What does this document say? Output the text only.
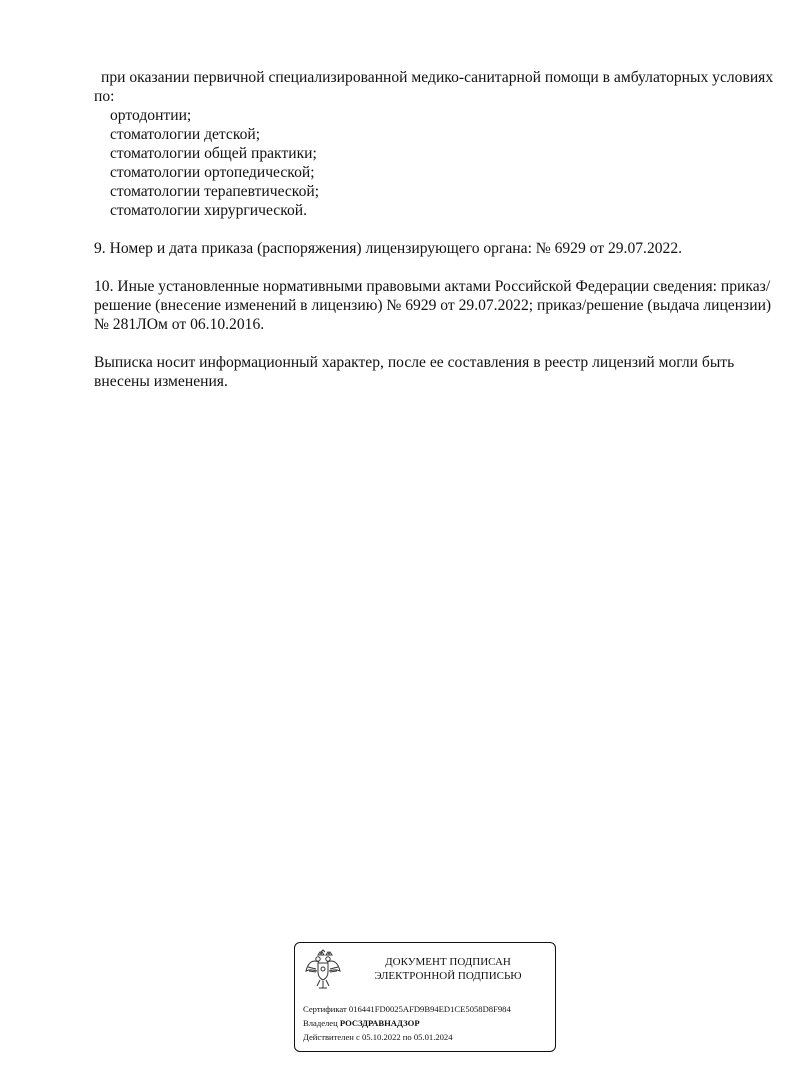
при оказании первичной специализированной медико-санитарной помощи в амбулаторных условиях по:

ортодонтии;
стоматологии детской;
стоматологии общей практики;
стоматологии ортопедической;
стоматологии терапевтической;
стоматологии хирургической.

9. Номер и дата приказа (распоряжения) лицензирующего органа: № 6929 от 29.07.2022.

10. Иные установленные нормативными правовыми актами Российской Федерации сведения: приказ/решение (внесение изменений в лицензию) № 6929 от 29.07.2022; приказ/решение (выдача лицензии) № 281ЛОм от 06.10.2016.

Выписка носит информационный характер, после ее составления в реестр лицензий могли быть внесены изменения.

ДОКУМЕНТ ПОДПИСАН
ЭЛЕКТРОННОЙ ПОДПИСЬЮ
Сертификат 016441FD0025AFD9B94ED1CE5058D8F984
Владелец РОСЗДРАВНАДЗОР
Действителен с 05.10.2022 по 05.01.2024
